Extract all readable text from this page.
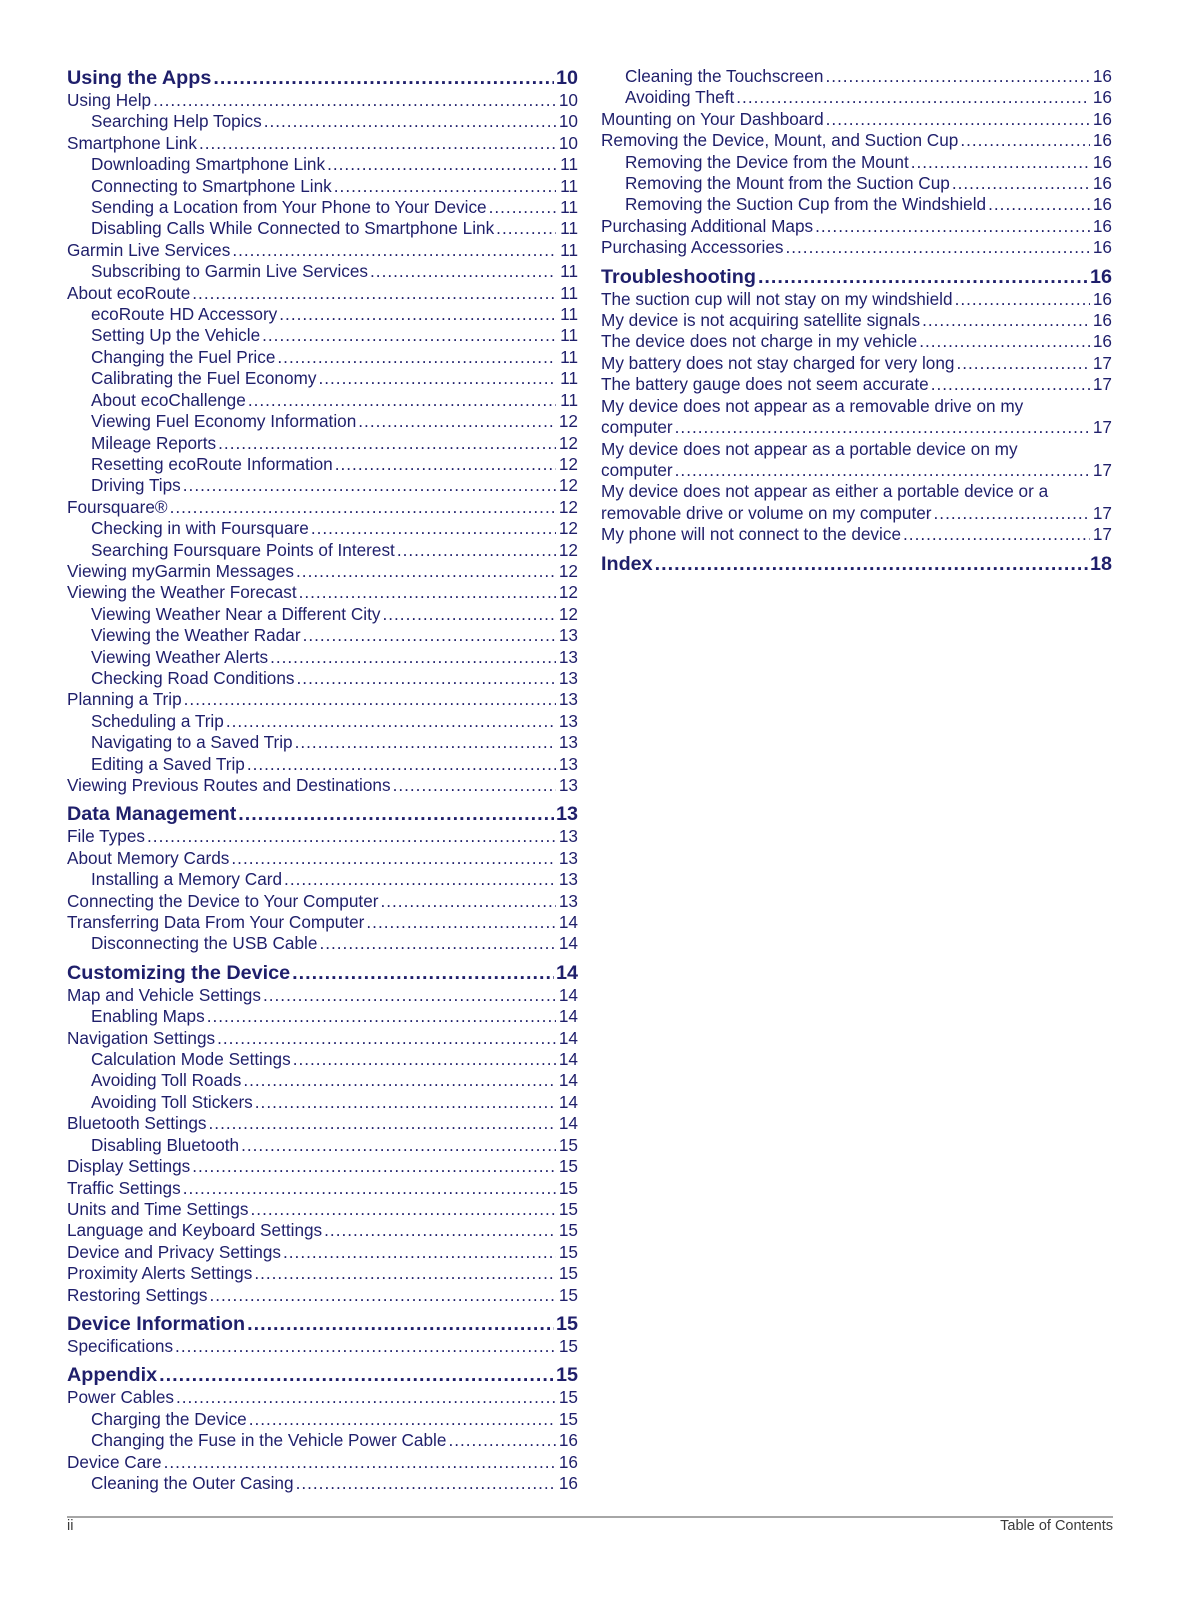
Using the Apps .....	10
Using Help .....	10
Searching Help Topics .....	10
Smartphone Link .....	10
Downloading Smartphone Link .....	11
Connecting to Smartphone Link .....	11
Sending a Location from Your Phone to Your Device .....	11
Disabling Calls While Connected to Smartphone Link .....	11
Garmin Live Services .....	11
Subscribing to Garmin Live Services .....	11
About ecoRoute .....	11
ecoRoute HD Accessory .....	11
Setting Up the Vehicle .....	11
Changing the Fuel Price .....	11
Calibrating the Fuel Economy .....	11
About ecoChallenge .....	11
Viewing Fuel Economy Information .....	12
Mileage Reports .....	12
Resetting ecoRoute Information .....	12
Driving Tips .....	12
Foursquare® .....	12
Checking in with Foursquare .....	12
Searching Foursquare Points of Interest .....	12
Viewing myGarmin Messages .....	12
Viewing the Weather Forecast .....	12
Viewing Weather Near a Different City .....	12
Viewing the Weather Radar .....	13
Viewing Weather Alerts .....	13
Checking Road Conditions .....	13
Planning a Trip .....	13
Scheduling a Trip .....	13
Navigating to a Saved Trip .....	13
Editing a Saved Trip .....	13
Viewing Previous Routes and Destinations .....	13
Data Management .....	13
File Types .....	13
About Memory Cards .....	13
Installing a Memory Card .....	13
Connecting the Device to Your Computer .....	13
Transferring Data From Your Computer .....	14
Disconnecting the USB Cable .....	14
Customizing the Device .....	14
Map and Vehicle Settings .....	14
Enabling Maps .....	14
Navigation Settings .....	14
Calculation Mode Settings .....	14
Avoiding Toll Roads .....	14
Avoiding Toll Stickers .....	14
Bluetooth Settings .....	14
Disabling Bluetooth .....	15
Display Settings .....	15
Traffic Settings .....	15
Units and Time Settings .....	15
Language and Keyboard Settings .....	15
Device and Privacy Settings .....	15
Proximity Alerts Settings .....	15
Restoring Settings .....	15
Device Information .....	15
Specifications .....	15
Appendix .....	15
Power Cables .....	15
Charging the Device .....	15
Changing the Fuse in the Vehicle Power Cable .....	16
Device Care .....	16
Cleaning the Outer Casing .....	16
Cleaning the Touchscreen .....	16
Avoiding Theft .....	16
Mounting on Your Dashboard .....	16
Removing the Device, Mount, and Suction Cup .....	16
Removing the Device from the Mount .....	16
Removing the Mount from the Suction Cup .....	16
Removing the Suction Cup from the Windshield .....	16
Purchasing Additional Maps .....	16
Purchasing Accessories .....	16
Troubleshooting .....	16
The suction cup will not stay on my windshield .....	16
My device is not acquiring satellite signals .....	16
The device does not charge in my vehicle .....	16
My battery does not stay charged for very long .....	17
The battery gauge does not seem accurate .....	17
My device does not appear as a removable drive on my
computer .....	17
My device does not appear as a portable device on my
computer .....	17
My device does not appear as either a portable device or a
removable drive or volume on my computer .....	17
My phone will not connect to the device .....	17
Index .....	18
ii	Table of Contents
